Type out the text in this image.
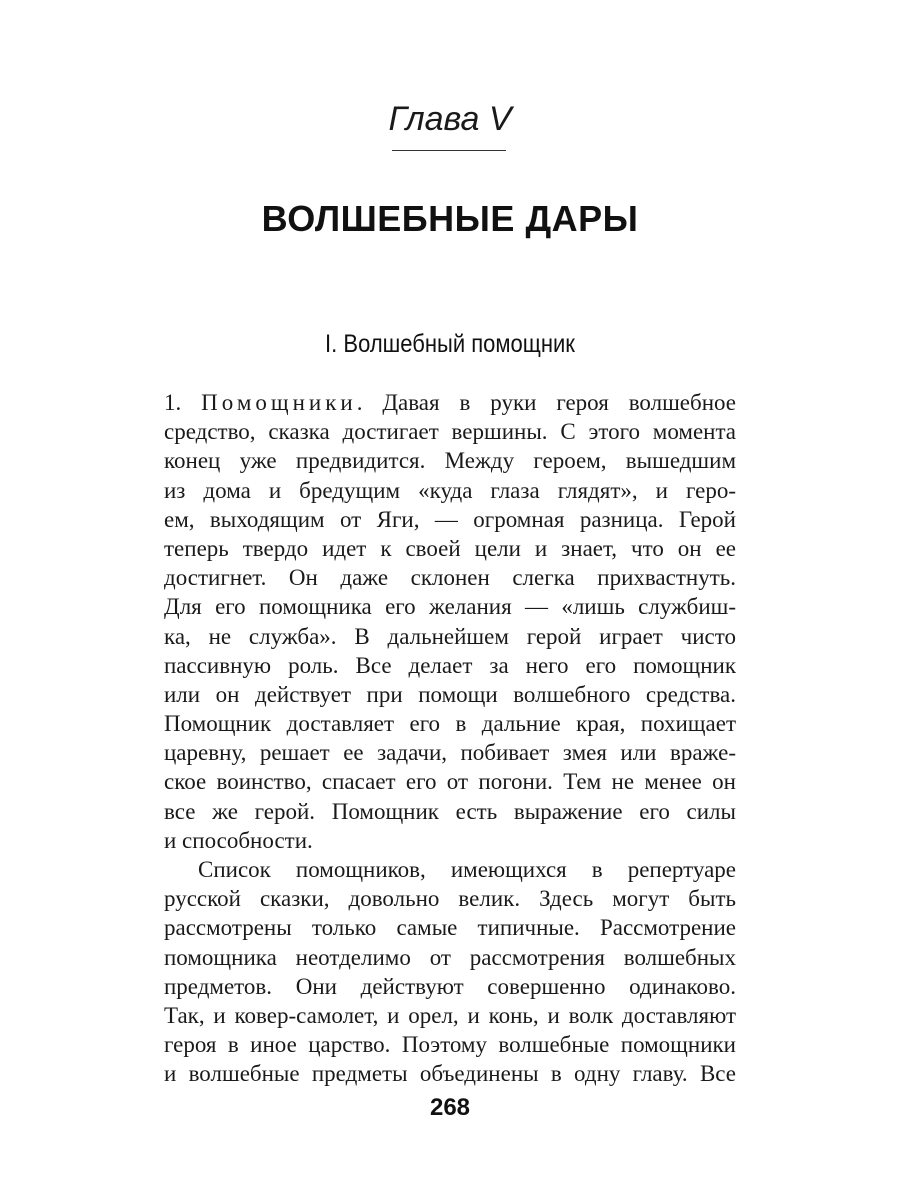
Глава V
ВОЛШЕБНЫЕ ДАРЫ
I. Волшебный помощник
1. Помощники. Давая в руки героя волшебное
средство, сказка достигает вершины. С этого момента
конец уже предвидится. Между героем, вышедшим
из дома и бредущим «куда глаза глядят», и геро-
ем, выходящим от Яги, — огромная разница. Герой
теперь твердо идет к своей цели и знает, что он ее
достигнет. Он даже склонен слегка прихвастнуть.
Для его помощника его желания — «лишь службиш-
ка, не служба». В дальнейшем герой играет чисто
пассивную роль. Все делает за него его помощник
или он действует при помощи волшебного средства.
Помощник доставляет его в дальние края, похищает
царевну, решает ее задачи, побивает змея или враже-
ское воинство, спасает его от погони. Тем не менее он
все же герой. Помощник есть выражение его силы
и способности.
Список помощников, имеющихся в репертуаре
русской сказки, довольно велик. Здесь могут быть
рассмотрены только самые типичные. Рассмотрение
помощника неотделимо от рассмотрения волшебных
предметов. Они действуют совершенно одинаково.
Так, и ковер-самолет, и орел, и конь, и волк доставляют
героя в иное царство. Поэтому волшебные помощники
и волшебные предметы объединены в одну главу. Все
268
